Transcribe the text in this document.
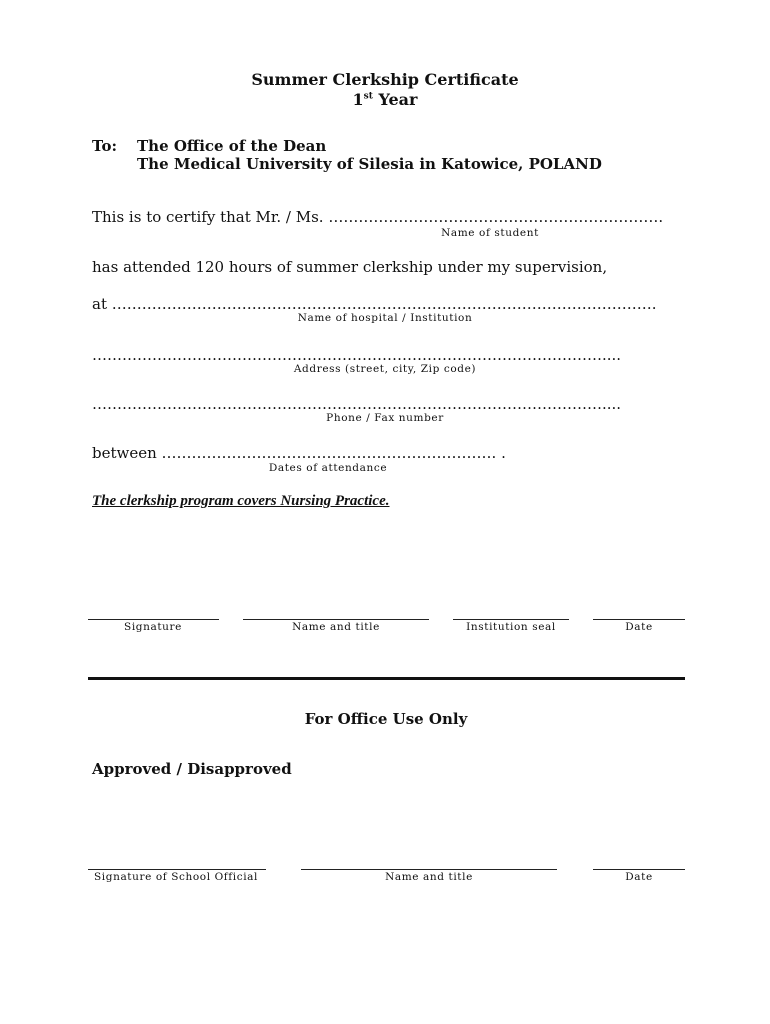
Summer Clerkship Certificate
1st Year
To: The Office of the Dean
The Medical University of Silesia in Katowice, POLAND
This is to certify that Mr. / Ms. ………………………………………………………….
Name of student
has attended 120 hours of summer clerkship under my supervision,
at ……………………………………………………………………………………………….
Name of hospital / Institution
…………………………………………………………………………………………....
Address (street, city, Zip code)
…………………………………………………………………………………………....
Phone / Fax number
between …………………………………………………………. .
Dates of attendance
The clerkship program covers Nursing Practice.
Signature	Name and title	Institution seal	Date
For Office Use Only
Approved / Disapproved
Signature of School Official	Name and title	Date
